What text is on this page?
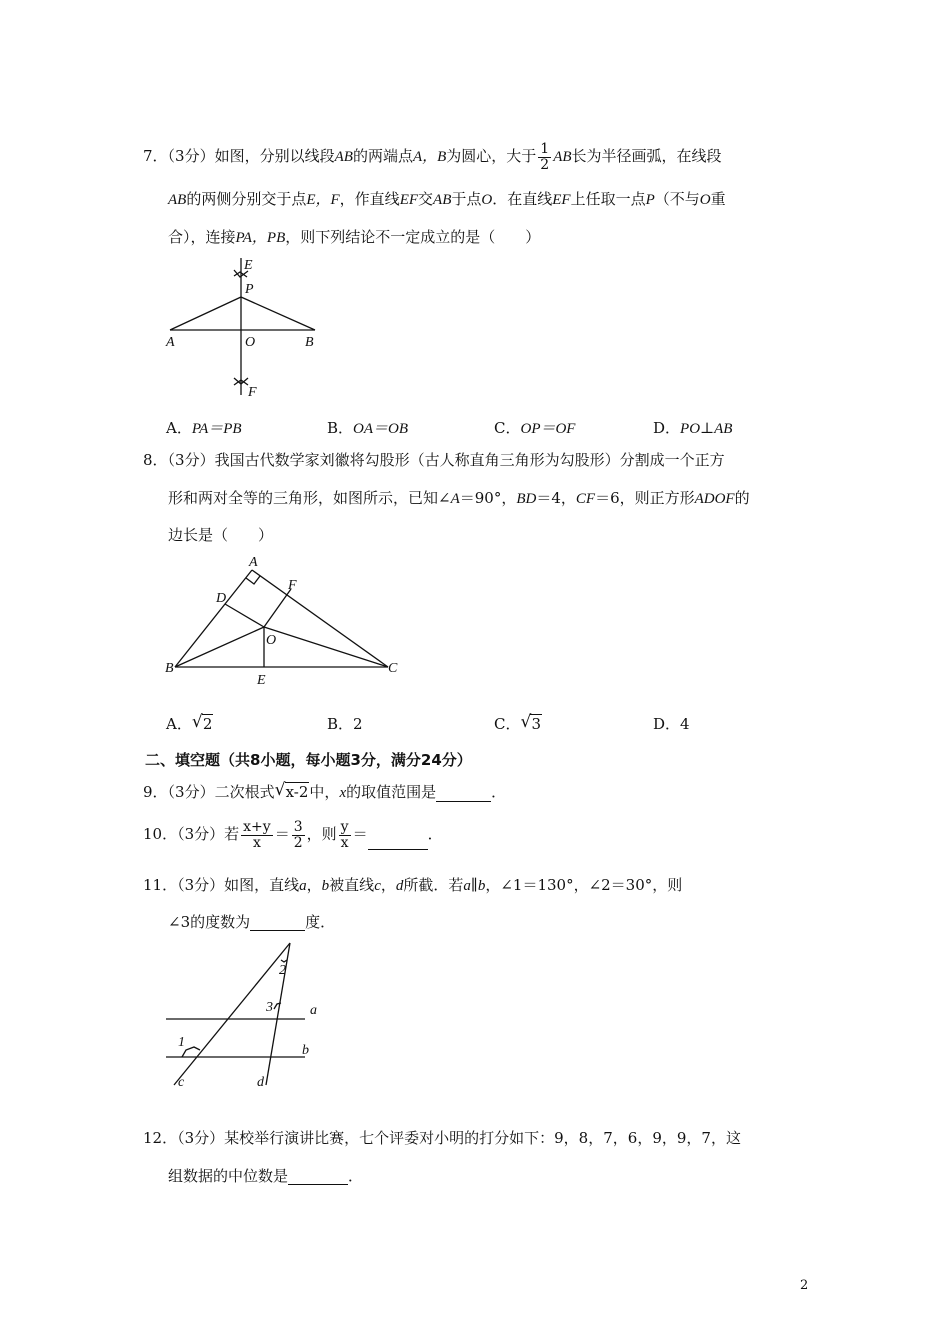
7．（3分）如图，分别以线段AB的两端点A，B为圆心，大于 $\frac{1}{2}$ AB长为半径画弧，在线段
AB的两侧分别交于点E，F，作直线EF交AB于点O．在直线EF上任取一点P（不与O重
合），连接PA，PB，则下列结论不一定成立的是（　　）
E
P
A	O	B
F
A．PA＝PB	B．OA＝OB	C．OP＝OF	D．PO⊥AB
8．（3分）我国古代数学家刘徽将勾股形（古人称直角三角形为勾股形）分割成一个正方
形和两对全等的三角形，如图所示，已知∠A＝90°，BD＝4，CF＝6，则正方形ADOF的
边长是（　　）
A
D
F
O
B
E
C
A． √ 2	B．2	C． √ 3	D．4
二、填空题（共8小题，每小题3分，满分24分）
9．（3分）二次根式 √ x-2中，x的取值范围是	．
10．（3分）若 $\frac{x+y}{x} = \frac{3}{2}$ ，则 $\frac{y}{x}$ ＝	．
11．（3分）如图，直线a，b被直线c，d所截．若a∥b，∠1＝130°，∠2＝30°，则
∠3的度数为	度．
1
2
3	a
b
c	d
12．（3分）某校举行演讲比赛，七个评委对小明的打分如下：9，8，7，6，9，9，7，这
组数据的中位数是	．
2
